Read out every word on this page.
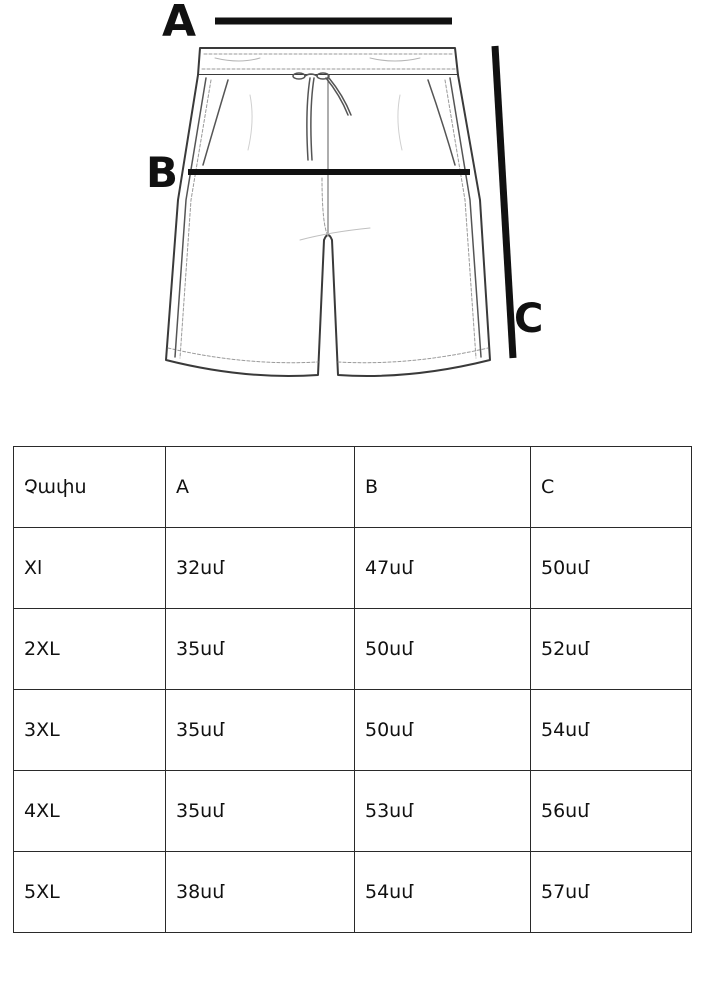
A
B
C
Չափս	A	B	C
Xl	32սմ	47սմ	50սմ
2XL	35սմ	50սմ	52սմ
3XL	35սմ	50սմ	54սմ
4XL	35սմ	53սմ	56սմ
5XL	38սմ	54սմ	57սմ
